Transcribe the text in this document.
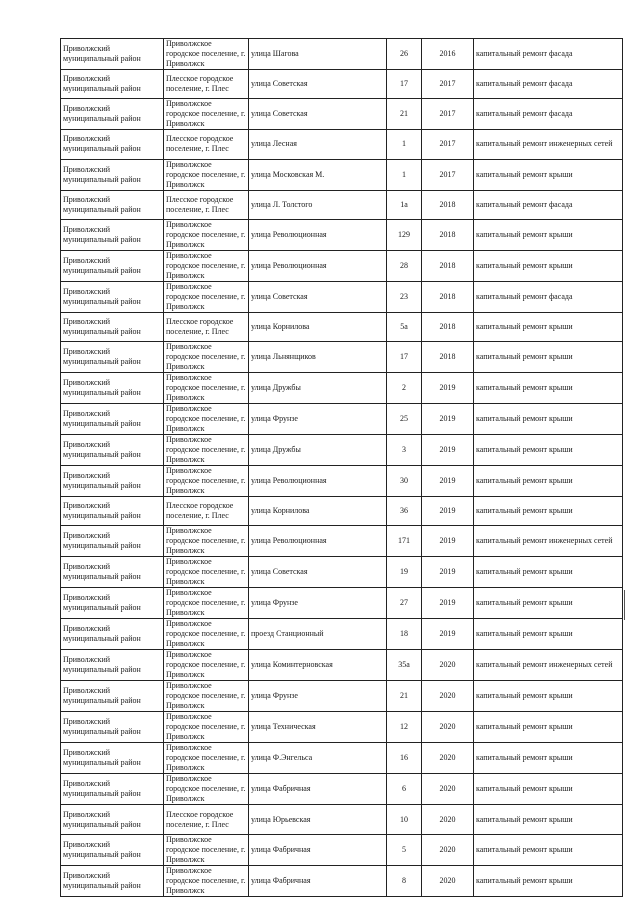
Приволжский муниципальный район	Приволжское городское поселение, г. Приволжск	улица Шагова	26	2016	капитальный ремонт фасада
Приволжский муниципальный район	Плесское городское поселение, г. Плес	улица Советская	17	2017	капитальный ремонт фасада
Приволжский муниципальный район	Приволжское городское поселение, г. Приволжск	улица Советская	21	2017	капитальный ремонт фасада
Приволжский муниципальный район	Плесское городское поселение, г. Плес	улица Лесная	1	2017	капитальный ремонт инженерных сетей
Приволжский муниципальный район	Приволжское городское поселение, г. Приволжск	улица Московская М.	1	2017	капитальный ремонт крыши
Приволжский муниципальный район	Плесское городское поселение, г. Плес	улица Л. Толстого	1а	2018	капитальный ремонт фасада
Приволжский муниципальный район	Приволжское городское поселение, г. Приволжск	улица Революционная	129	2018	капитальный ремонт крыши
Приволжский муниципальный район	Приволжское городское поселение, г. Приволжск	улица Революционная	28	2018	капитальный ремонт крыши
Приволжский муниципальный район	Приволжское городское поселение, г. Приволжск	улица Советская	23	2018	капитальный ремонт фасада
Приволжский муниципальный район	Плесское городское поселение, г. Плес	улица Корнилова	5а	2018	капитальный ремонт крыши
Приволжский муниципальный район	Приволжское городское поселение, г. Приволжск	улица Льнянщиков	17	2018	капитальный ремонт крыши
Приволжский муниципальный район	Приволжское городское поселение, г. Приволжск	улица Дружбы	2	2019	капитальный ремонт крыши
Приволжский муниципальный район	Приволжское городское поселение, г. Приволжск	улица Фрунзе	25	2019	капитальный ремонт крыши
Приволжский муниципальный район	Приволжское городское поселение, г. Приволжск	улица Дружбы	3	2019	капитальный ремонт крыши
Приволжский муниципальный район	Приволжское городское поселение, г. Приволжск	улица Революционная	30	2019	капитальный ремонт крыши
Приволжский муниципальный район	Плесское городское поселение, г. Плес	улица Корнилова	36	2019	капитальный ремонт крыши
Приволжский муниципальный район	Приволжское городское поселение, г. Приволжск	улица Революционная	171	2019	капитальный ремонт инженерных сетей
Приволжский муниципальный район	Приволжское городское поселение, г. Приволжск	улица Советская	19	2019	капитальный ремонт крыши
Приволжский муниципальный район	Приволжское городское поселение, г. Приволжск	улица Фрунзе	27	2019	капитальный ремонт крыши
Приволжский муниципальный район	Приволжское городское поселение, г. Приволжск	проезд Станционный	18	2019	капитальный ремонт крыши
Приволжский муниципальный район	Приволжское городское поселение, г. Приволжск	улица Коминтерновская	35а	2020	капитальный ремонт инженерных сетей
Приволжский муниципальный район	Приволжское городское поселение, г. Приволжск	улица Фрунзе	21	2020	капитальный ремонт крыши
Приволжский муниципальный район	Приволжское городское поселение, г. Приволжск	улица Техническая	12	2020	капитальный ремонт крыши
Приволжский муниципальный район	Приволжское городское поселение, г. Приволжск	улица Ф.Энгельса	16	2020	капитальный ремонт крыши
Приволжский муниципальный район	Приволжское городское поселение, г. Приволжск	улица Фабричная	6	2020	капитальный ремонт крыши
Приволжский муниципальный район	Плесское городское поселение, г. Плес	улица Юрьевская	10	2020	капитальный ремонт крыши
Приволжский муниципальный район	Приволжское городское поселение, г. Приволжск	улица Фабричная	5	2020	капитальный ремонт крыши
Приволжский муниципальный район	Приволжское городское поселение, г. Приволжск	улица Фабричная	8	2020	капитальный ремонт крыши
